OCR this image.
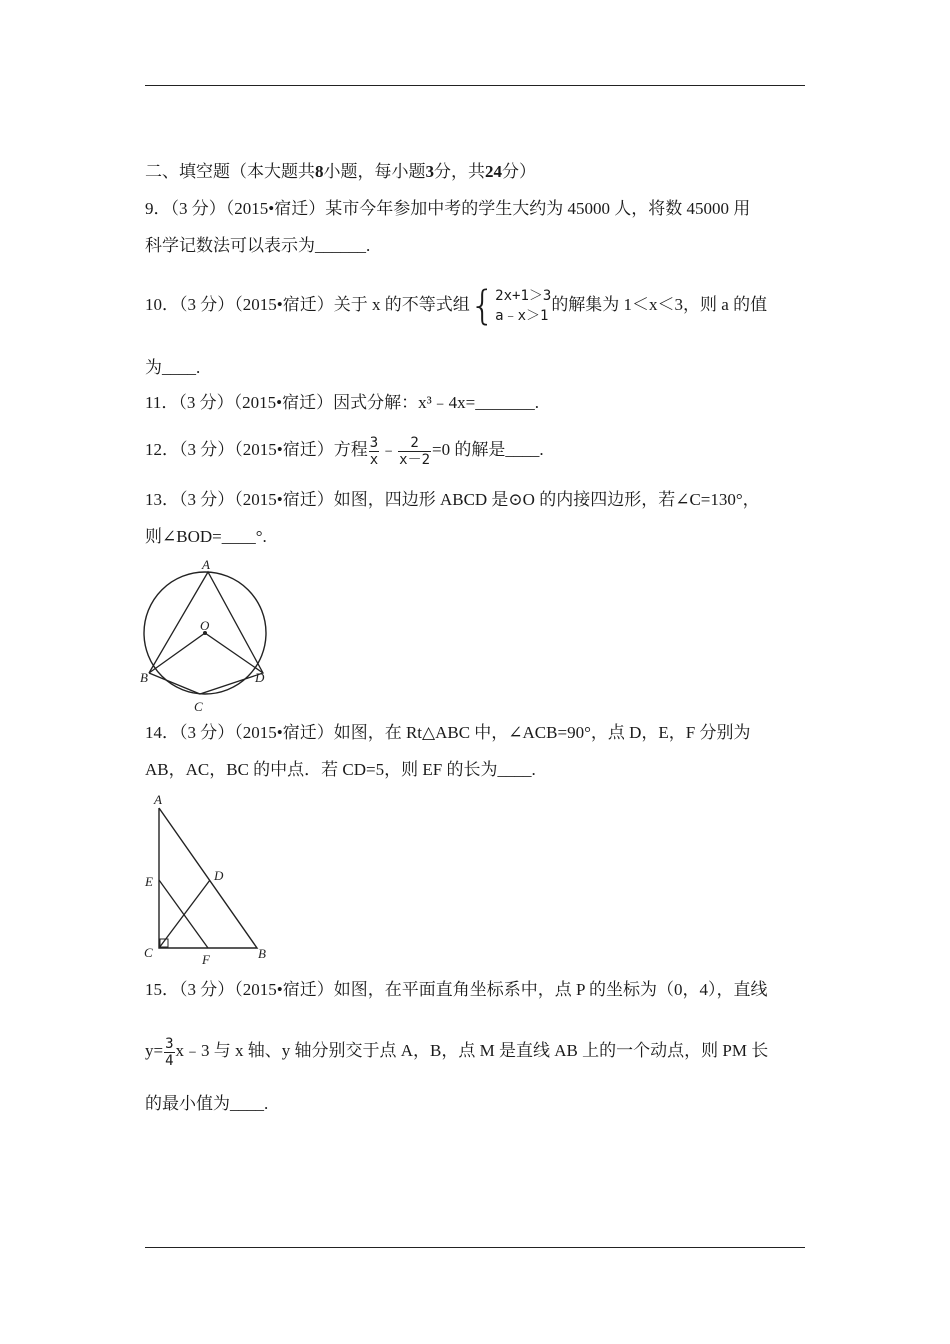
二、填空题（本大题共8小题，每小题3分，共24分）
9．（3 分）（2015•宿迁）某市今年参加中考的学生大约为 45000 人，将数 45000 用
科学记数法可以表示为______.
10．（3 分）（2015•宿迁）关于 x 的不等式组{ 2x+1＞3
a﹣x＞1
的解集为 1＜x＜3，则 a 的值
为____.
11．（3 分）（2015•宿迁）因式分解：x³﹣4x=_______.
12．（3 分）（2015•宿迁）方程 $\frac{3}{x}$ ﹣ $\frac{2}{x-2} =0$ 的解是____.
13．（3 分）（2015•宿迁）如图，四边形 ABCD 是⊙O 的内接四边形，若∠C=130°，
则∠BOD=____°.
A
O
B
C
D
14．（3 分）（2015•宿迁）如图，在 Rt△ABC 中，∠ACB=90°，点 D，E，F 分别为
AB，AC，BC 的中点．若 CD=5，则 EF 的长为____.
A
E	D
C	F	B
15．（3 分）（2015•宿迁）如图，在平面直角坐标系中，点 P 的坐标为（0，4），直线
$y= \frac{3}{4}$ x﹣3 与 x 轴、y 轴分别交于点 A，B，点 M 是直线 AB 上的一个动点，则 PM 长
的最小值为____.
